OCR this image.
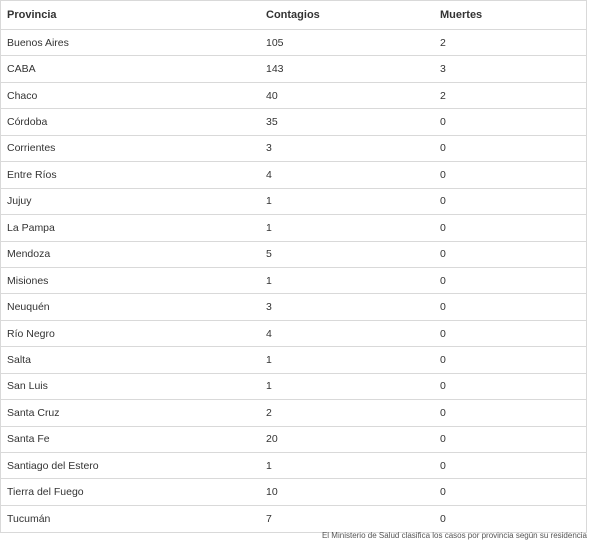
Provincia	Contagios	Muertes
Buenos Aires	105	2
CABA	143	3
Chaco	40	2
Córdoba	35	0
Corrientes	3	0
Entre Ríos	4	0
Jujuy	1	0
La Pampa	1	0
Mendoza	5	0
Misiones	1	0
Neuquén	3	0
Río Negro	4	0
Salta	1	0
San Luis	1	0
Santa Cruz	2	0
Santa Fe	20	0
Santiago del Estero	1	0
Tierra del Fuego	10	0
Tucumán	7	0
El Ministerio de Salud clasifica los casos por provincia según su residencia
